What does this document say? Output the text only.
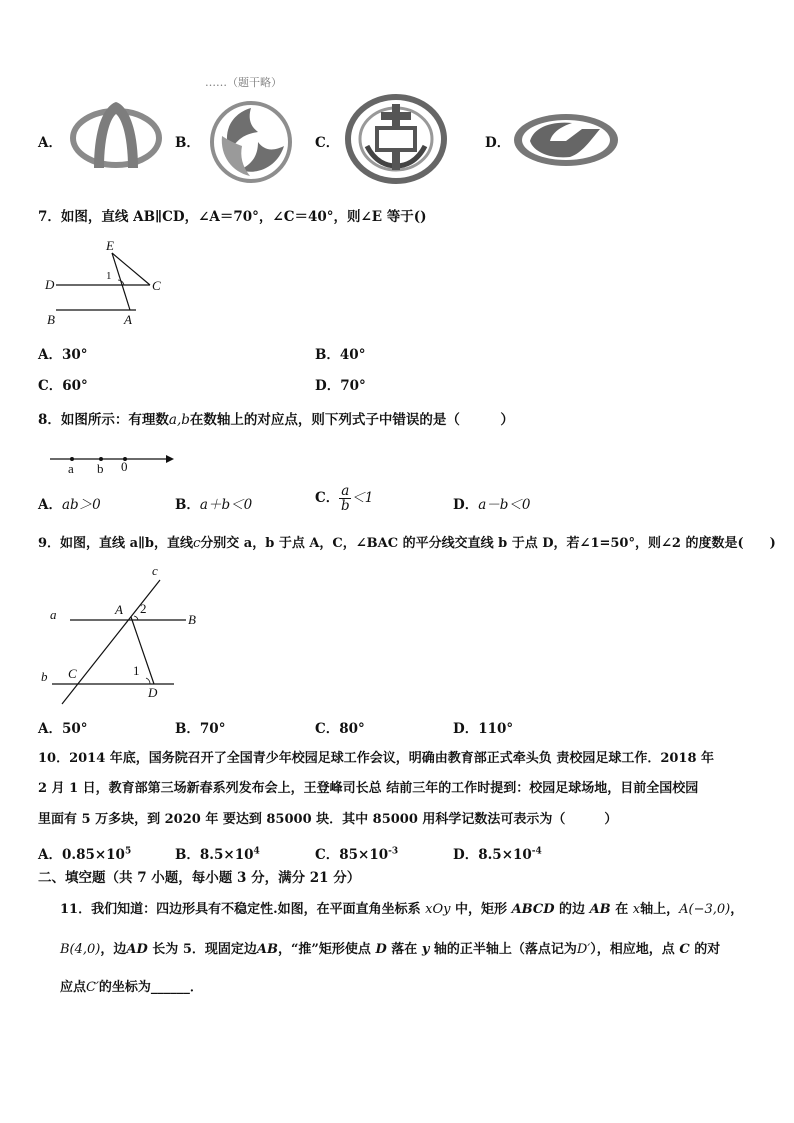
……（题干略）
A．	B．	C．	D．
7．如图，直线 AB∥CD，∠A＝70°，∠C＝40°，则∠E 等于()
E
D	C
B	A
1
A．30°	B．40°
C．60°	D．70°
8．如图所示：有理数a,b在数轴上的对应点，则下列式子中错误的是（　　　）
a b 0
A．ab＞0	B．a＋b＜0	C． $\frac{a}{b} <1$	D．a－b＜0
9．如图，直线 a∥b，直线c分别交 a，b 于点 A，C，∠BAC 的平分线交直线 b 于点 D，若∠1=50°，则∠2 的度数是(　　)
c
a	A 2
B
b C	1
D
A．50°	B．70°	C．80°	D．110°
10．2014 年底，国务院召开了全国青少年校园足球工作会议，明确由教育部正式牵头负 责校园足球工作．2018 年
2 月 1 日，教育部第三场新春系列发布会上，王登峰司长总 结前三年的工作时提到：校园足球场地，目前全国校园
里面有 5 万多块，到 2020 年 要达到 85000 块．其中 85000 用科学记数法可表示为（　　　）
A．$0.85\times 10^5$	B．$8.5\times 10^4$	C．$85\times 10^{-3}$	D．$8.5\times 10^{-4}$
二、填空题（共 7 小题，每小题 3 分，满分 21 分）
11．我们知道：四边形具有不稳定性.如图，在平面直角坐标系 xOy 中，矩形 ABCD 的边 AB 在 x轴上，A(−3,0)，
B(4,0)，边AD 长为 5．现固定边AB，“推”矩形使点 D 落在 y 轴的正半轴上（落点记为D′），相应地，点 C 的对
应点C′的坐标为______．
